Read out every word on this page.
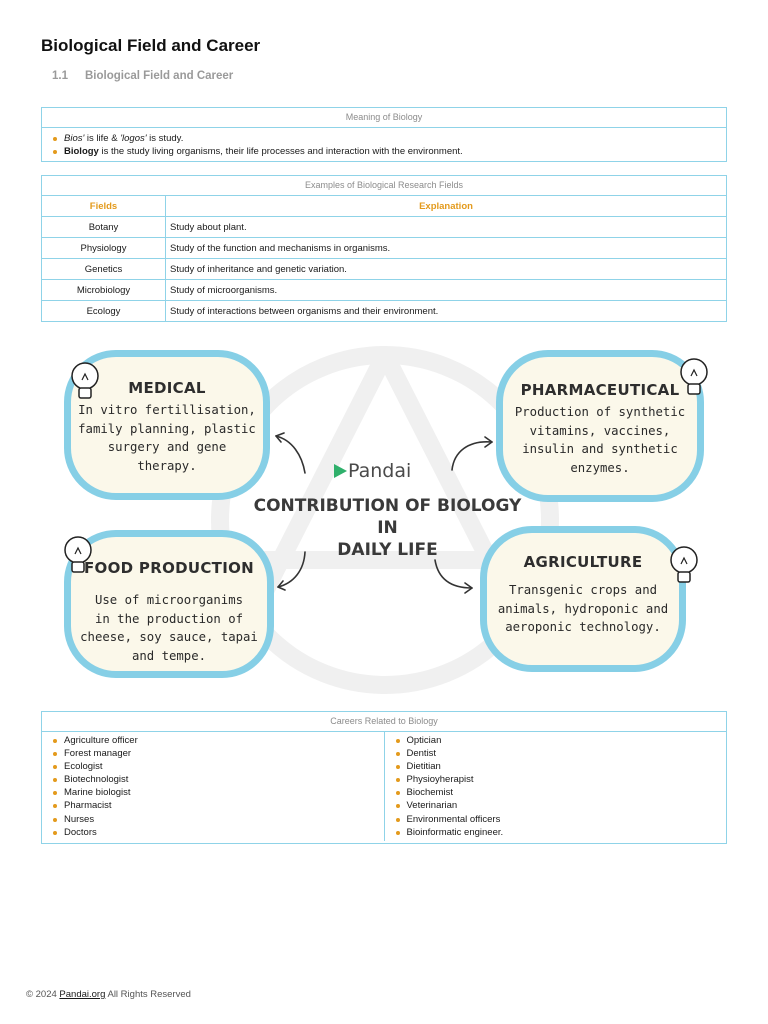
Biological Field and Career
1.1 Biological Field and Career
Meaning of Biology
Bios' is life & 'logos' is study.
Biology is the study living organisms, their life processes and interaction with the environment.
Examples of Biological Research Fields
Fields	Explanation
Botany	Study about plant.
Physiology	Study of the function and mechanisms in organisms.
Genetics	Study of inheritance and genetic variation.
Microbiology	Study of microorganisms.
Ecology	Study of interactions between organisms and their environment.
MEDICAL
In vitro fertillisation,
family planning, plastic
surgery and gene
therapy.
PHARMACEUTICAL
Production of synthetic
vitamins, vaccines,
insulin and synthetic
enzymes.
Pandai
CONTRIBUTION OF BIOLOGY IN
DAILY LIFE
FOOD PRODUCTION
Use of microorganims
in the production of
cheese, soy sauce, tapai
and tempe.
AGRICULTURE
Transgenic crops and
animals, hydroponic and
aeroponic technology.
Careers Related to Biology
Agriculture officer
Forest manager
Ecologist
Biotechnologist
Marine biologist
Pharmacist
Nurses
Doctors
Optician
Dentist
Dietitian
Physioyherapist
Biochemist
Veterinarian
Environmental officers
Bioinformatic engineer.
© 2024 Pandai.org All Rights Reserved
